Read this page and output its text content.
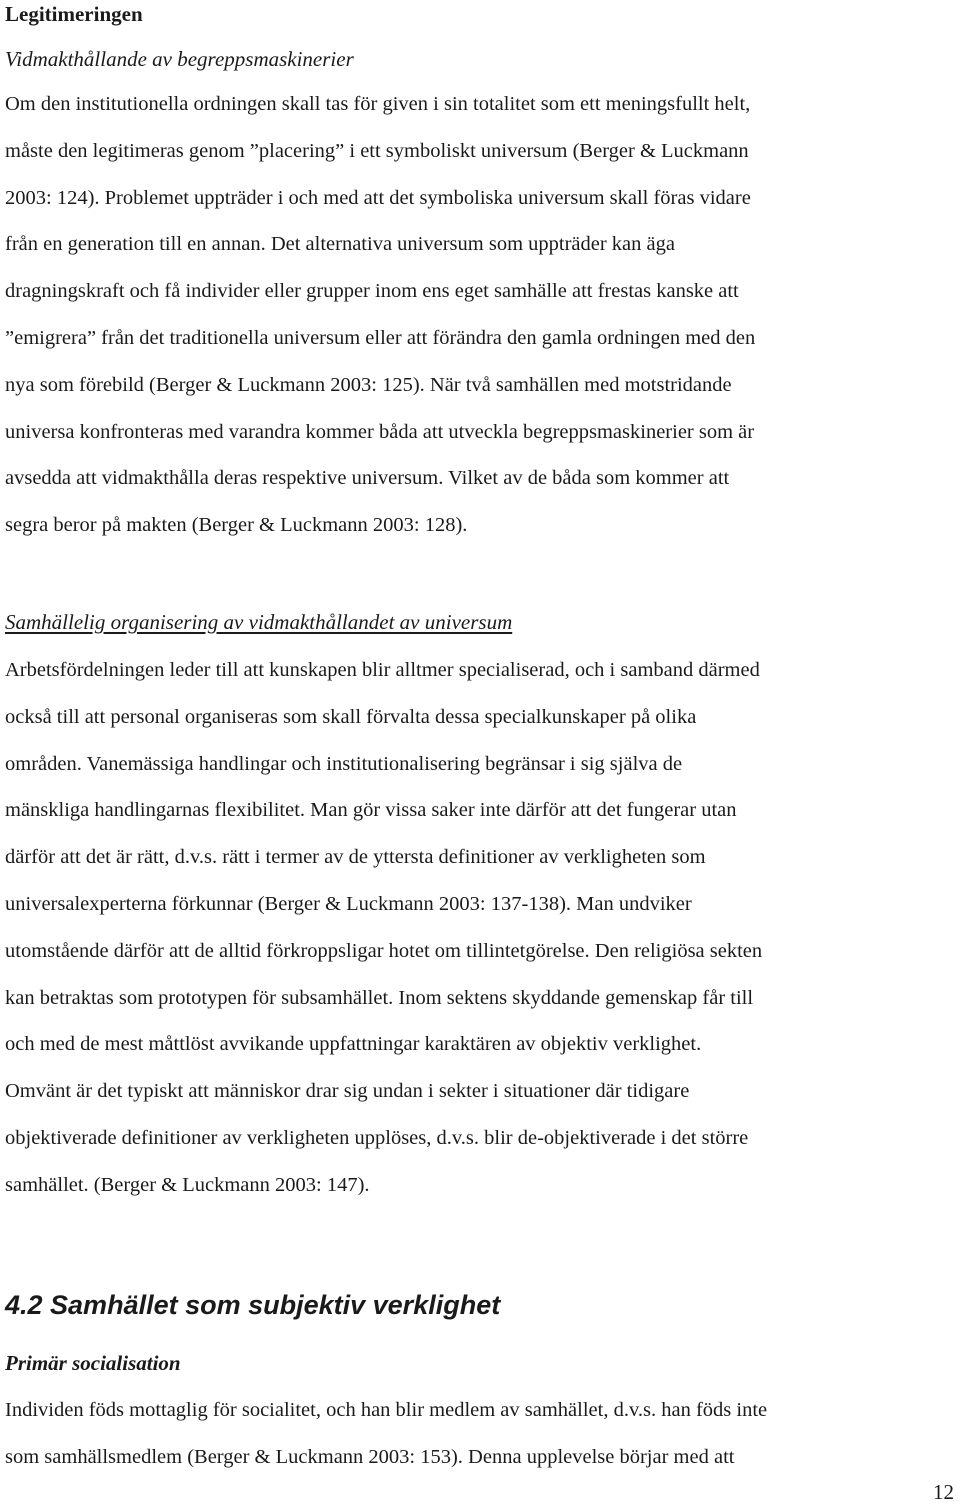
Legitimeringen
Vidmakthållande av begreppsmaskinerier
Om den institutionella ordningen skall tas för given i sin totalitet som ett meningsfullt helt,
måste den legitimeras genom ”placering” i ett symboliskt universum (Berger & Luckmann
2003: 124). Problemet uppträder i och med att det symboliska universum skall föras vidare
från en generation till en annan. Det alternativa universum som uppträder kan äga
dragningskraft och få individer eller grupper inom ens eget samhälle att frestas kanske att
”emigrera” från det traditionella universum eller att förändra den gamla ordningen med den
nya som förebild (Berger & Luckmann 2003: 125). När två samhällen med motstridande
universa konfronteras med varandra kommer båda att utveckla begreppsmaskinerier som är
avsedda att vidmakthålla deras respektive universum. Vilket av de båda som kommer att
segra beror på makten (Berger & Luckmann 2003: 128).
Samhällelig organisering av vidmakthållandet av universum
Arbetsfördelningen leder till att kunskapen blir alltmer specialiserad, och i samband därmed
också till att personal organiseras som skall förvalta dessa specialkunskaper på olika
områden. Vanemässiga handlingar och institutionalisering begränsar i sig själva de
mänskliga handlingarnas flexibilitet. Man gör vissa saker inte därför att det fungerar utan
därför att det är rätt, d.v.s. rätt i termer av de yttersta definitioner av verkligheten som
universalexperterna förkunnar (Berger & Luckmann 2003: 137-138). Man undviker
utomstående därför att de alltid förkroppsligar hotet om tillintetgörelse. Den religiösa sekten
kan betraktas som prototypen för subsamhället. Inom sektens skyddande gemenskap får till
och med de mest måttlöst avvikande uppfattningar karaktären av objektiv verklighet.
Omvänt är det typiskt att människor drar sig undan i sekter i situationer där tidigare
objektiverade definitioner av verkligheten upplöses, d.v.s. blir de-objektiverade i det större
samhället. (Berger & Luckmann 2003: 147).
4.2 Samhället som subjektiv verklighet
Primär socialisation
Individen föds mottaglig för socialitet, och han blir medlem av samhället, d.v.s. han föds inte
som samhällsmedlem (Berger & Luckmann 2003: 153). Denna upplevelse börjar med att
12
